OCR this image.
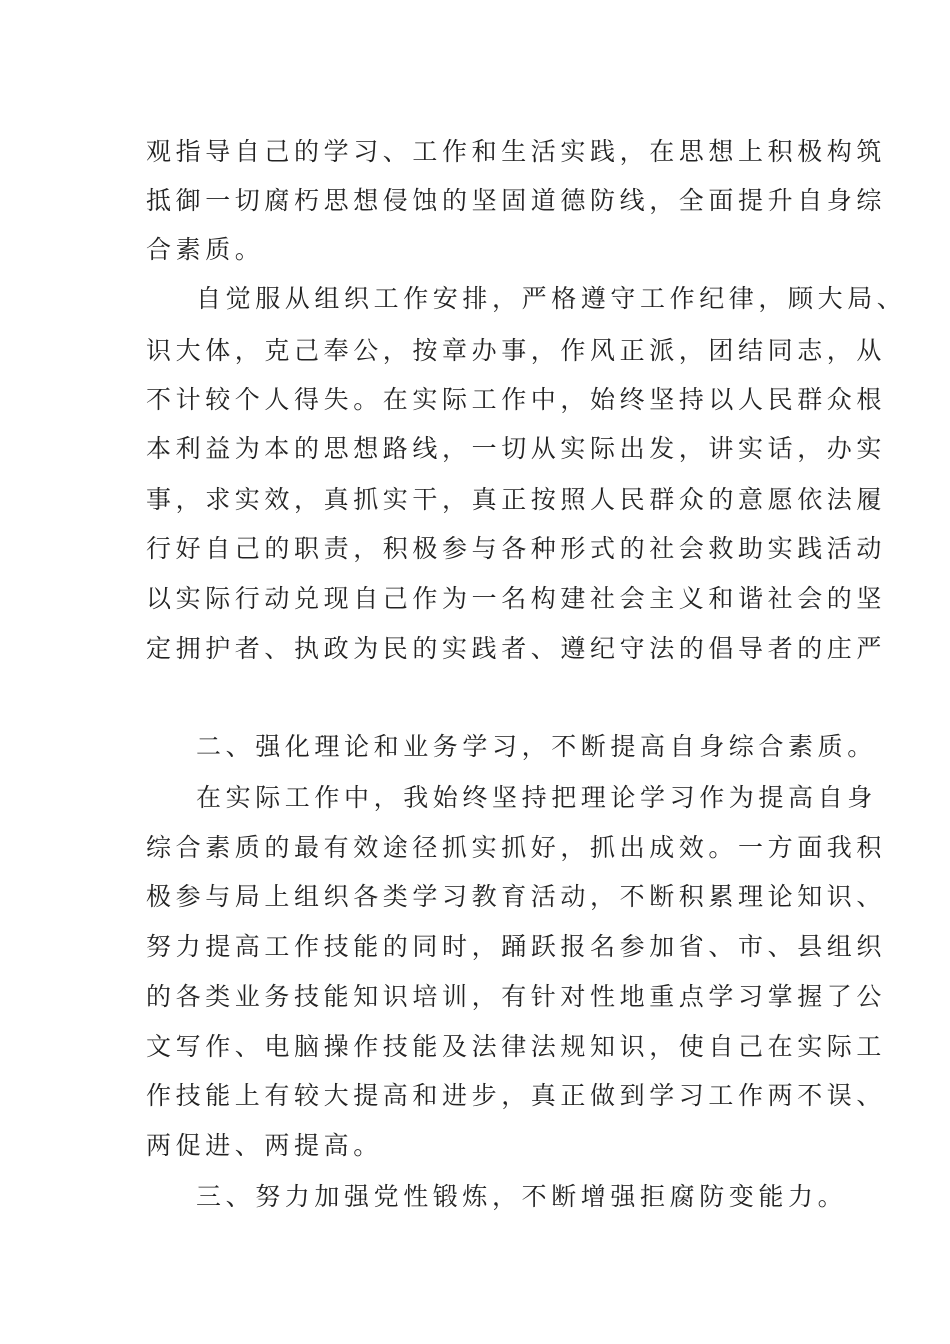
观指导自己的学习、工作和生活实践，在思想上积极构筑
抵御一切腐朽思想侵蚀的坚固道德防线，全面提升自身综
合素质。
自觉服从组织工作安排，严格遵守工作纪律，顾大局、
识大体，克己奉公，按章办事，作风正派，团结同志，从
不计较个人得失。在实际工作中，始终坚持以人民群众根
本利益为本的思想路线，一切从实际出发，讲实话，办实
事，求实效，真抓实干，真正按照人民群众的意愿依法履
行好自己的职责，积极参与各种形式的社会救助实践活动
以实际行动兑现自己作为一名构建社会主义和谐社会的坚
定拥护者、执政为民的实践者、遵纪守法的倡导者的庄严
二、强化理论和业务学习，不断提高自身综合素质。
在实际工作中，我始终坚持把理论学习作为提高自身
综合素质的最有效途径抓实抓好，抓出成效。一方面我积
极参与局上组织各类学习教育活动，不断积累理论知识、
努力提高工作技能的同时，踊跃报名参加省、市、县组织
的各类业务技能知识培训，有针对性地重点学习掌握了公
文写作、电脑操作技能及法律法规知识，使自己在实际工
作技能上有较大提高和进步，真正做到学习工作两不误、
两促进、两提高。
三、努力加强党性锻炼，不断增强拒腐防变能力。
